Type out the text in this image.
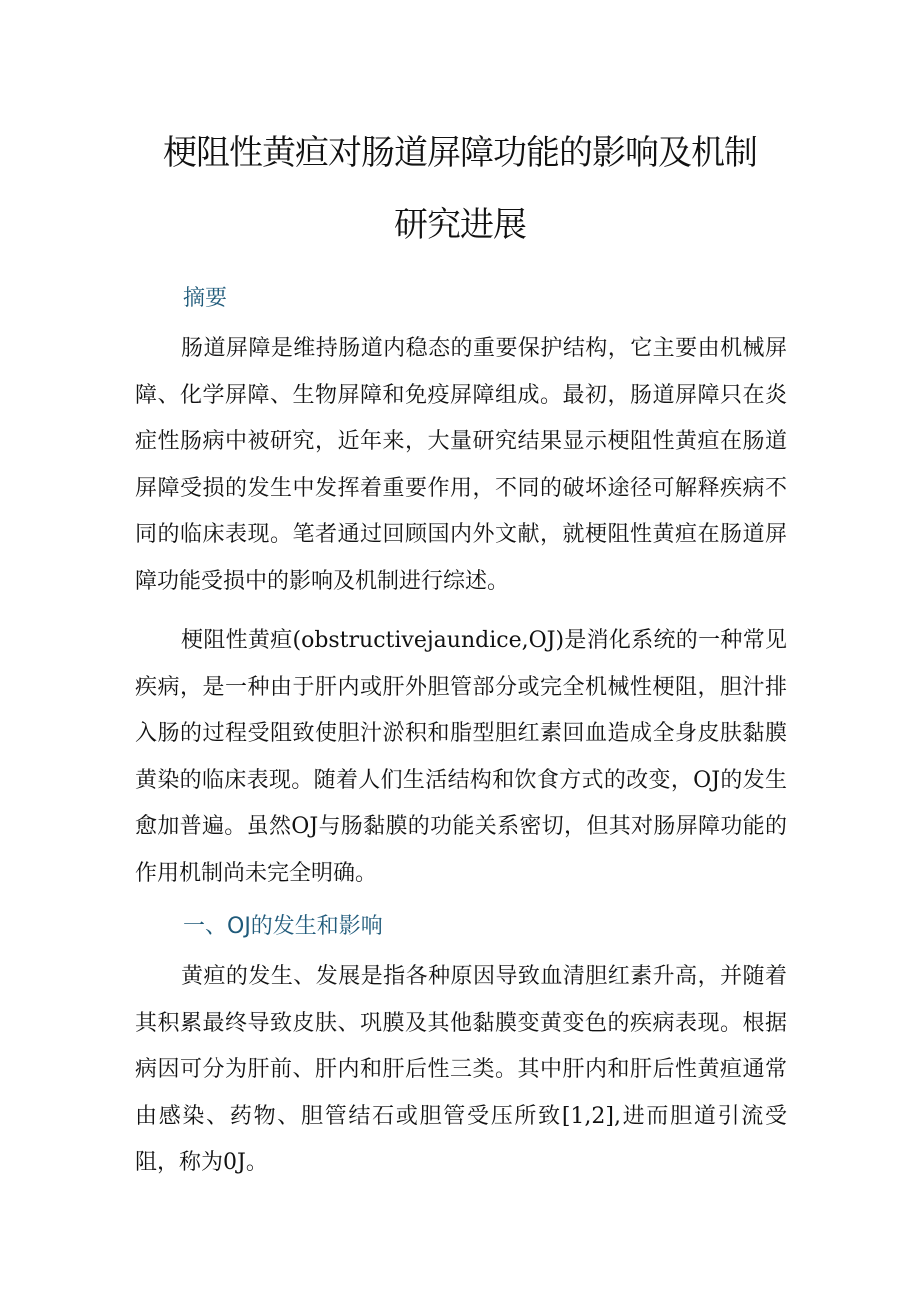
梗阻性黄疸对肠道屏障功能的影响及机制
研究进展
摘要

肠道屏障是维持肠道内稳态的重要保护结构，它主要由机械屏障、化学屏障、生物屏障和免疫屏障组成。最初，肠道屏障只在炎症性肠病中被研究，近年来，大量研究结果显示梗阻性黄疸在肠道屏障受损的发生中发挥着重要作用，不同的破坏途径可解释疾病不同的临床表现。笔者通过回顾国内外文献，就梗阻性黄疸在肠道屏障功能受损中的影响及机制进行综述。

梗阻性黄疸(obstructivejaundice,OJ)是消化系统的一种常见疾病，是一种由于肝内或肝外胆管部分或完全机械性梗阻，胆汁排入肠的过程受阻致使胆汁淤积和脂型胆红素回血造成全身皮肤黏膜黄染的临床表现。随着人们生活结构和饮食方式的改变，OJ的发生愈加普遍。虽然OJ与肠黏膜的功能关系密切，但其对肠屏障功能的作用机制尚未完全明确。

一、OJ的发生和影响

黄疸的发生、发展是指各种原因导致血清胆红素升高，并随着其积累最终导致皮肤、巩膜及其他黏膜变黄变色的疾病表现。根据病因可分为肝前、肝内和肝后性三类。其中肝内和肝后性黄疸通常由感染、药物、胆管结石或胆管受压所致[1,2],进而胆道引流受阻，称为0J。
